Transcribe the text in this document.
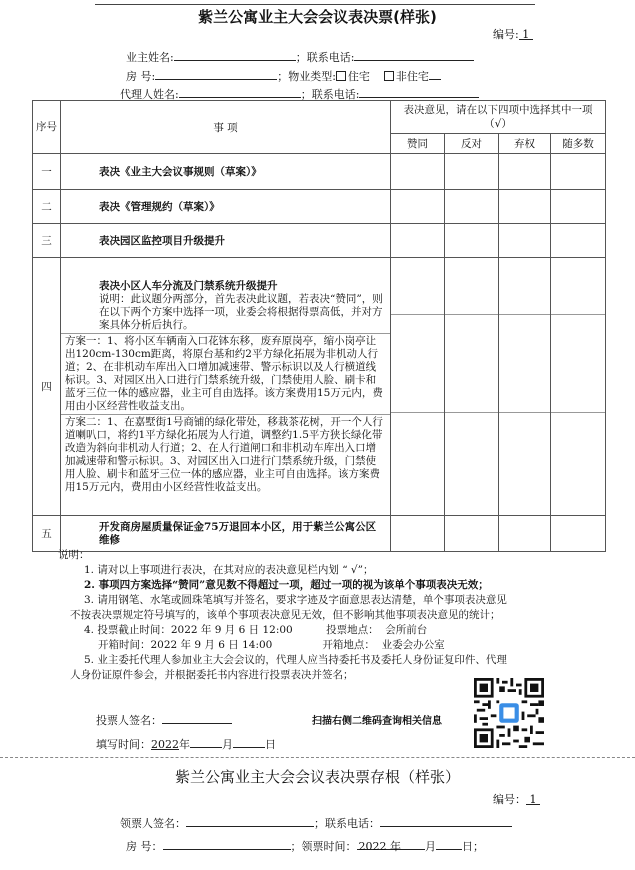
紫兰公寓业主大会会议表决票(样张)
编号: 1
业主姓名:	；联系电话:
房 号:	；物业类型: 住宅 非住宅
代理人姓名:	；联系电话:
序号	事 项	表决意见，请在以下四项中选择其中一项（√）			
		赞同	反对	弃权	随多数
一	表决《业主大会议事规则（草案）》				
二	表决《管理规约（草案）》				
三	表决园区监控项目升级提升				
四	表决小区人车分流及门禁系统升级提升
说明：此议题分两部分，首先表决此议题，若表决“赞同”，则在以下两个方案中选择一项，业委会将根据得票高低，并对方案具体分析后执行。
方案一：1、将小区车辆南入口花钵东移，废弃原岗亭，缩小岗亭让出120cm-130cm距离，将原台基和约2平方绿化拓展为非机动人行道；2、在非机动车库出入口增加减速带、警示标识以及人行横道线标识。3、对园区出入口进行门禁系统升级，门禁使用人脸、刷卡和蓝牙三位一体的感应器，业主可自由选择。该方案费用15万元内，费用由小区经营性收益支出。
方案二：1、在嘉墅街1号商铺的绿化带处，移栽茶花树，开一个人行道喇叭口，将约1平方绿化拓展为人行道，调整约1.5平方狭长绿化带改造为斜向非机动人行道；2、在人行道闸口和非机动车库出入口增加减速带和警示标识。3、对园区出入口进行门禁系统升级，门禁使用人脸、刷卡和蓝牙三位一体的感应器，业主可自由选择。该方案费用15万元内，费用由小区经营性收益支出。				

五	开发商房屋质量保证金75万退回本小区，用于紫兰公寓公区维修				
说明：
1. 请对以上事项进行表决，在其对应的表决意见栏内划 “ √”；
2. 事项四方案选择“赞同”意见数不得超过一项，超过一项的视为该单个事项表决无效；
3. 请用钢笔、水笔或圆珠笔填写并签名，要求字迹及字面意思表达清楚，单个事项表决意见
不按表决票规定符号填写的，该单个事项表决意见无效，但不影响其他事项表决意见的统计；
4. 投票截止时间：2022 年 9 月 6 日 12:00          投票地点：  会所前台
开箱时间：2022 年 9 月 6 日 14:00               开箱地点：  业委会办公室
5. 业主委托代理人参加业主大会会议的，代理人应当持委托书及委托人身份证复印件、代理
人身份证原件参会，并根据委托书内容进行投票表决并签名；
投票人签名：
填写时间：2022年	月	日
扫描右侧二维码查询相关信息
紫兰公寓业主大会会议表决票存根（样张）
编号： 1
领票人签名：	；联系电话：
房 号：	；领票时间： 2022 年 月 日；
